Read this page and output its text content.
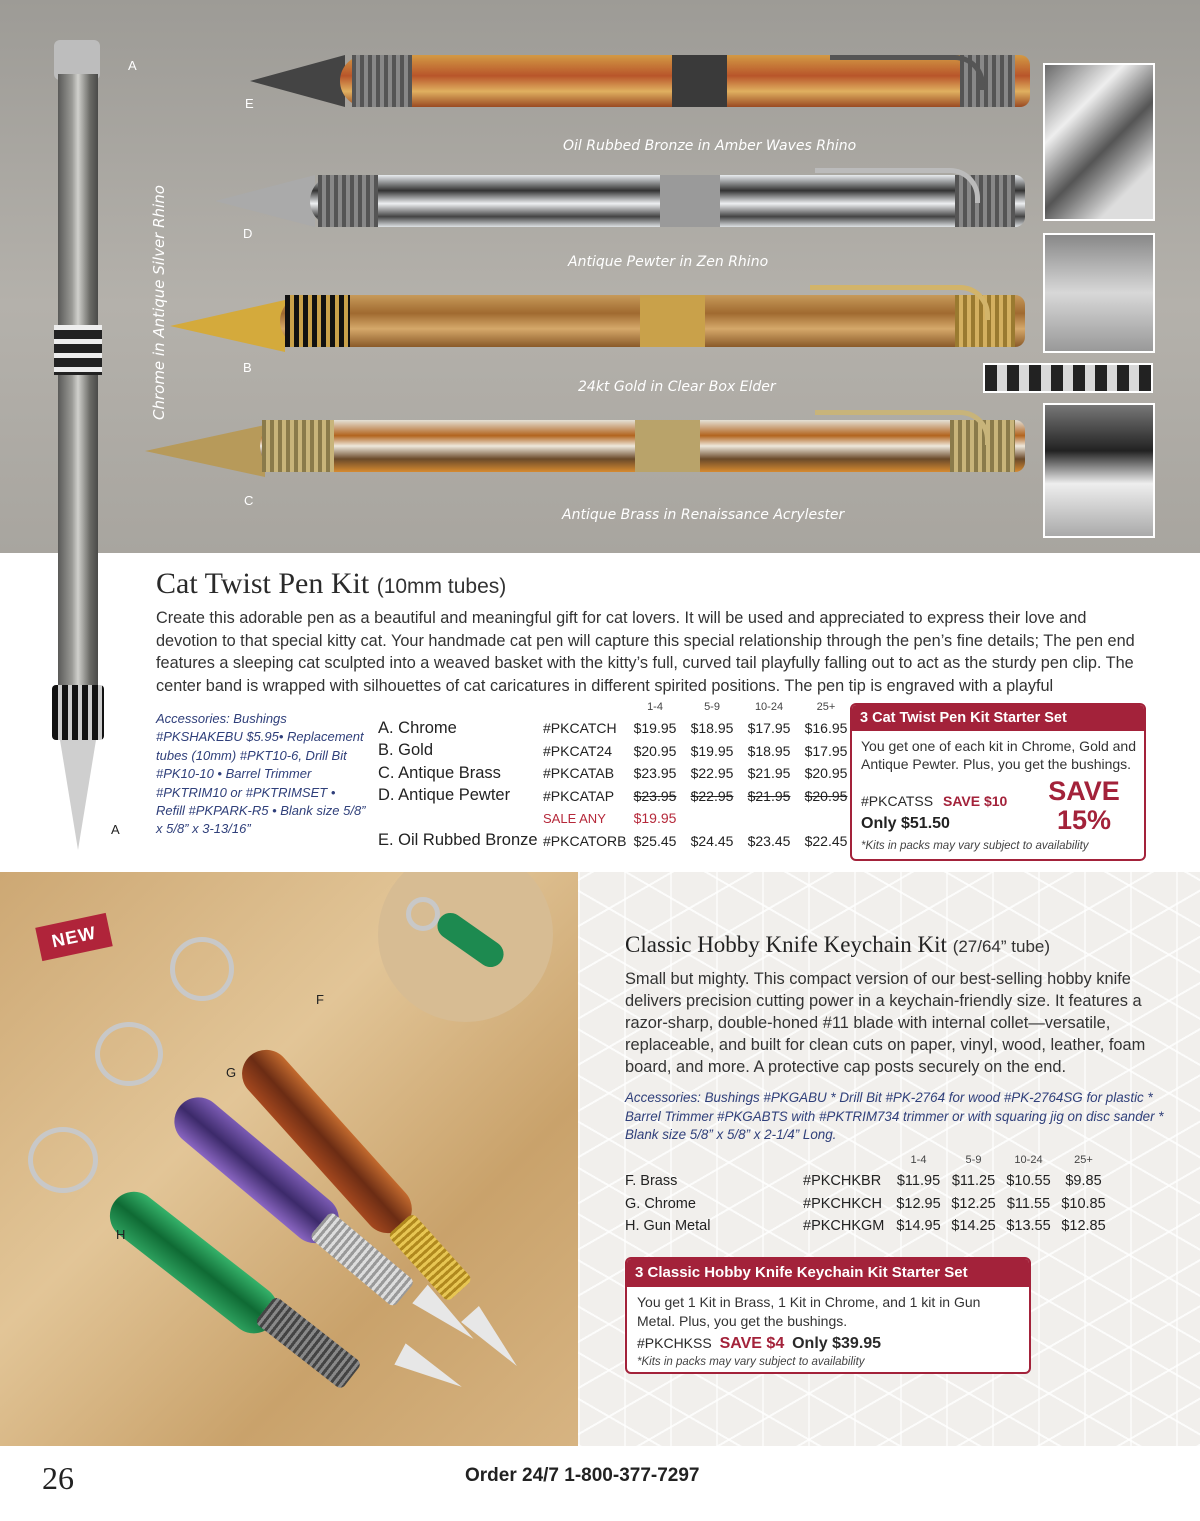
A
E
D
B
C
Oil Rubbed Bronze in Amber Waves Rhino
Antique Pewter in Zen Rhino
24kt Gold in Clear Box Elder
Antique Brass in Renaissance Acrylester
Chrome in Antique Silver Rhino
A
Cat Twist Pen Kit (10mm tubes)
Create this adorable pen as a beautiful and meaningful gift for cat lovers. It will be used and appreciated to express their love and devotion to that special kitty cat. Your handmade cat pen will capture this special relationship through the pen’s fine details; The pen end features a sleeping cat sculpted into a weaved basket with the kitty’s full, curved tail playfully falling out to act as the sturdy pen clip. The center band is wrapped with silhouettes of cat caricatures in different spirited positions. The pen tip is engraved with a playful
Accessories: Bushings #PKSHAKEBU $5.95• Replacement tubes (10mm) #PKT10-6, Drill Bit #PK10-10 • Barrel Trimmer #PKTRIM10 or #PKTRIMSET • Refill #PKPARK-R5 • Blank size 5/8” x 5/8” x 3-13/16”
		1-4	5-9	10-24	25+
A. Chrome	#PKCATCH	$19.95	$18.95	$17.95	$16.95
B. Gold	#PKCAT24	$20.95	$19.95	$18.95	$17.95
C. Antique Brass	#PKCATAB	$23.95	$22.95	$21.95	$20.95
D. Antique Pewter	#PKCATAP	$23.95	$22.95	$21.95	$20.95
	SALE ANY	$19.95			
E. Oil Rubbed Bronze	#PKCATORB	$25.45	$24.45	$23.45	$22.45
3 Cat Twist Pen Kit Starter Set
You get one of each kit in Chrome, Gold and Antique Pewter. Plus, you get the bushings.
#PKCATSS SAVE $10
Only $51.50
SAVE
15%
*Kits in packs may vary subject to availability
NEW
F
G
H
Classic Hobby Knife Keychain Kit (27/64” tube)
Small but mighty. This compact version of our best-selling hobby knife delivers precision cutting power in a keychain-friendly size. It features a razor-sharp, double-honed #11 blade with internal collet—versatile, replaceable, and built for clean cuts on paper, vinyl, wood, leather, foam board, and more. A protective cap posts securely on the end.
Accessories: Bushings #PKGABU * Drill Bit #PK-2764 for wood #PK-2764SG for plastic * Barrel Trimmer #PKGABTS with #PKTRIM734 trimmer or with squaring jig on disc sander * Blank size 5/8” x 5/8” x 2-1/4” Long.
		1-4	5-9	10-24	25+
F. Brass	#PKCHKBR	$11.95	$11.25	$10.55	$9.85
G. Chrome	#PKCHKCH	$12.95	$12.25	$11.55	$10.85
H. Gun Metal	#PKCHKGM	$14.95	$14.25	$13.55	$12.85
3 Classic Hobby Knife Keychain Kit Starter Set
You get 1 Kit in Brass, 1 Kit in Chrome, and 1 kit in Gun Metal. Plus, you get the bushings.
#PKCHKSS SAVE $4 Only $39.95
*Kits in packs may vary subject to availability
26	Order 24/7 1-800-377-7297
